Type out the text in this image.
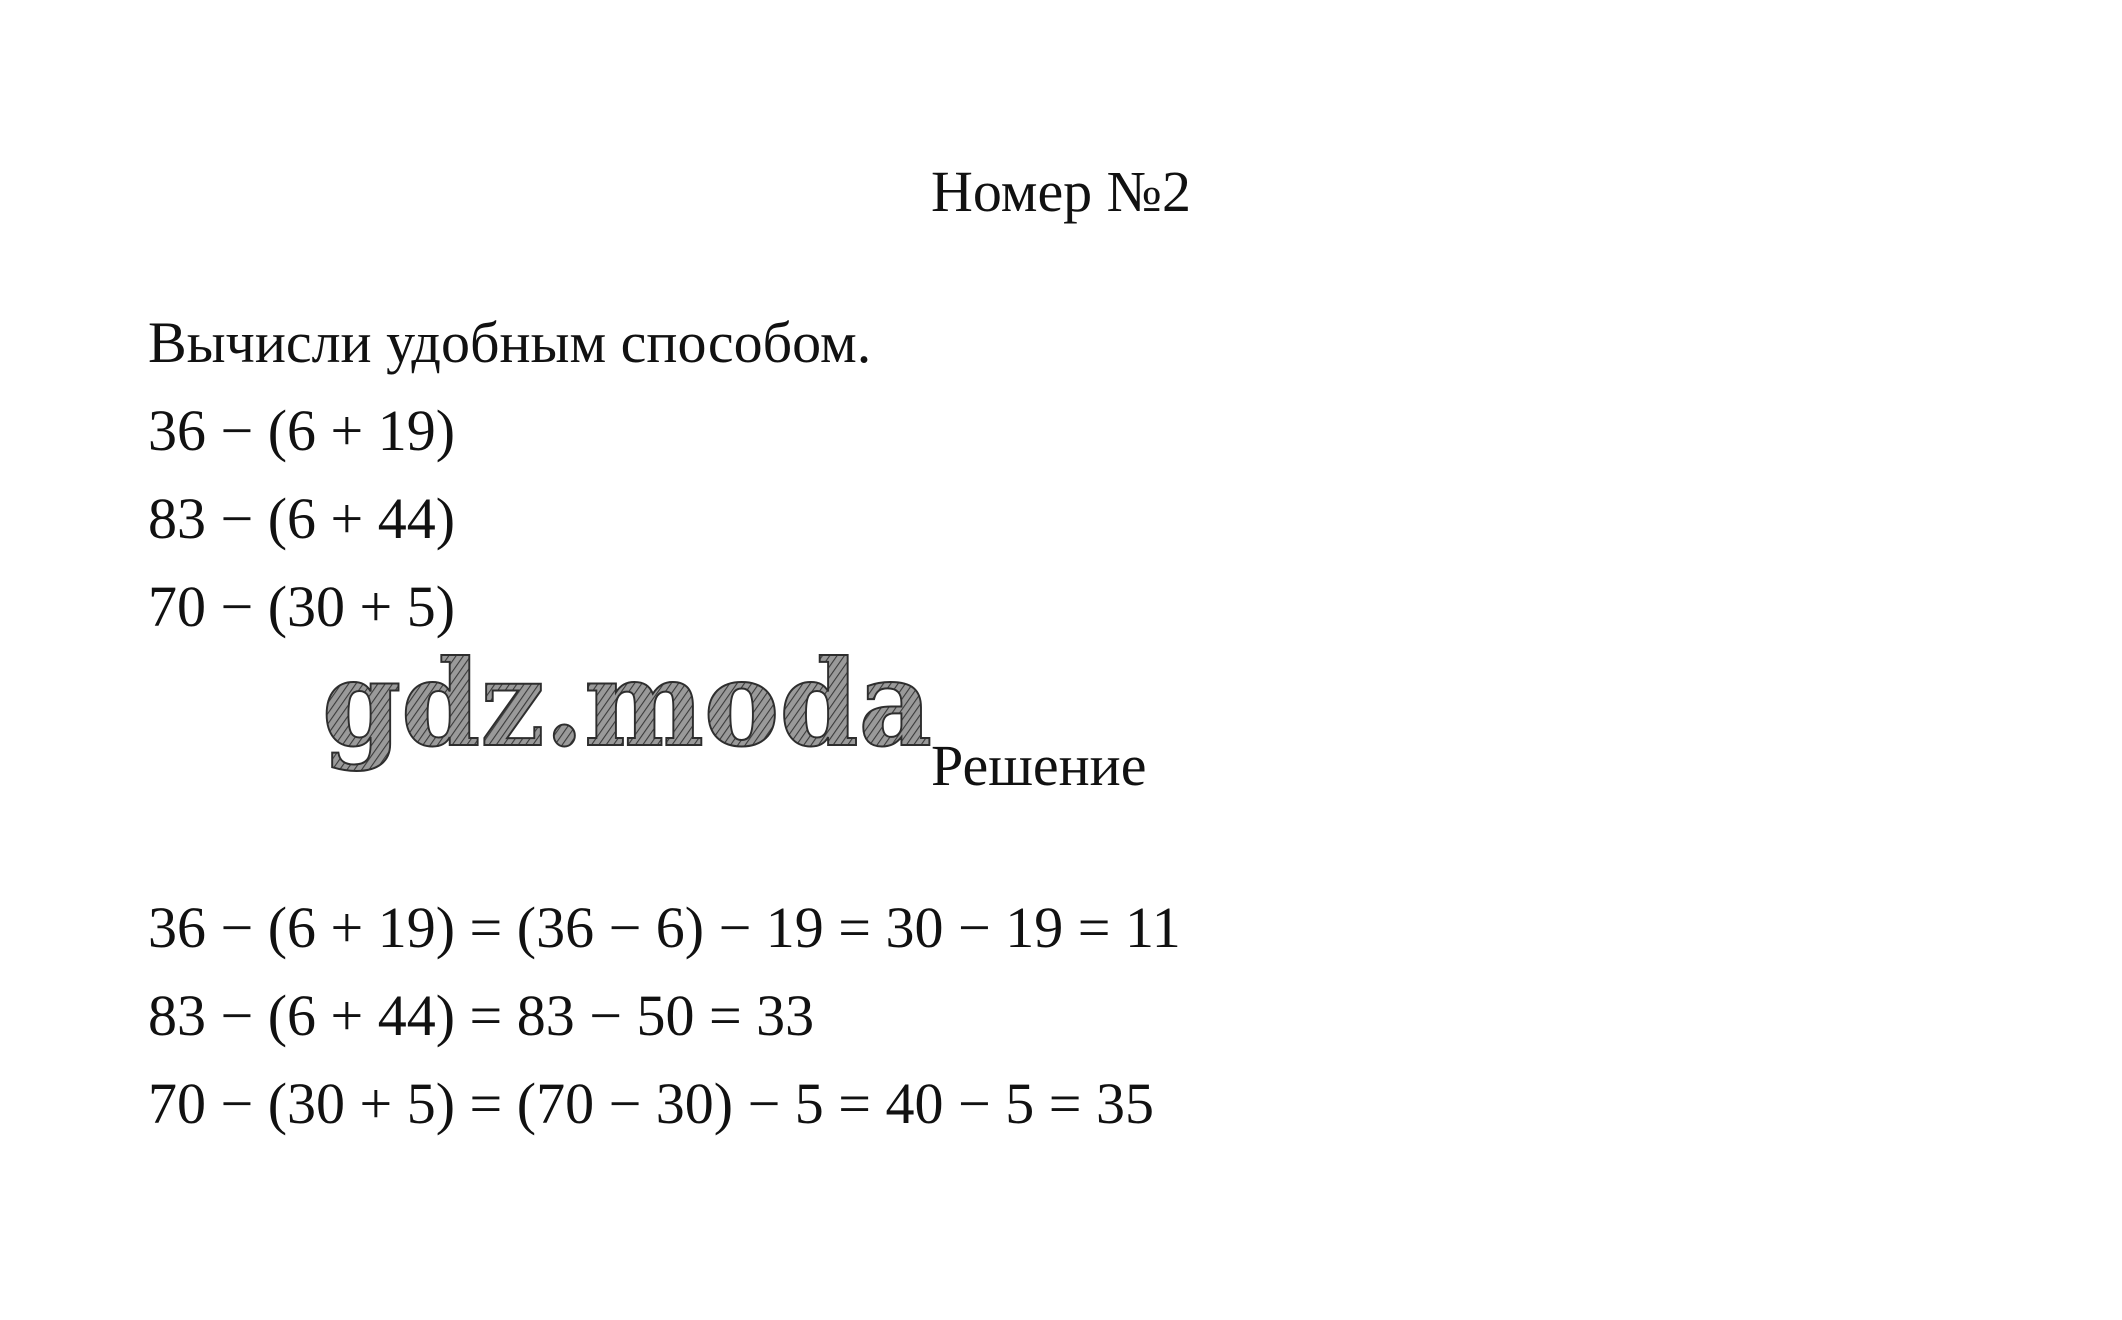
Номер №2
Вычисли удобным способом.
36 − (6 + 19)
83 − (6 + 44)
70 − (30 + 5)
gdz.moda Решение
36 − (6 + 19) = (36 − 6) − 19 = 30 − 19 = 11
83 − (6 + 44) = 83 − 50 = 33
70 − (30 + 5) = (70 − 30) − 5 = 40 − 5 = 35
